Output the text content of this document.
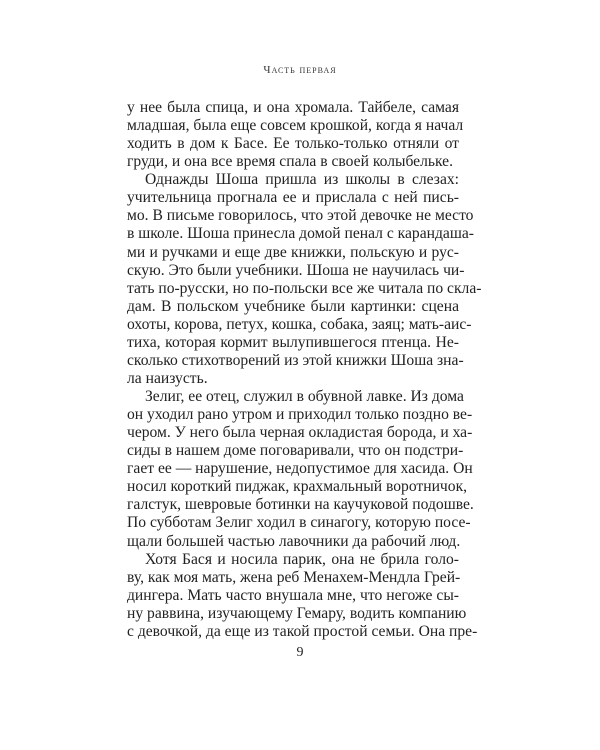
Часть первая
у нее была спица, и она хромала. Тайбеле, самая
младшая, была еще совсем крошкой, когда я начал
ходить в дом к Басе. Ее только-только отняли от
груди, и она все время спала в своей колыбельке.
Однажды Шоша пришла из школы в слезах:
учительница прогнала ее и прислала с ней пись-
мо. В письме говорилось, что этой девочке не место
в школе. Шоша принесла домой пенал с карандаша-
ми и ручками и еще две книжки, польскую и рус-
скую. Это были учебники. Шоша не научилась чи-
тать по-русски, но по-польски все же читала по скла-
дам. В польском учебнике были картинки: сцена
охоты, корова, петух, кошка, собака, заяц; мать-аис-
тиха, которая кормит вылупившегося птенца. Не-
сколько стихотворений из этой книжки Шоша зна-
ла наизусть.
Зелиг, ее отец, служил в обувной лавке. Из дома
он уходил рано утром и приходил только поздно ве-
чером. У него была черная окладистая борода, и ха-
сиды в нашем доме поговаривали, что он подстри-
гает ее — нарушение, недопустимое для хасида. Он
носил короткий пиджак, крахмальный воротничок,
галстук, шевровые ботинки на каучуковой подошве.
По субботам Зелиг ходил в синагогу, которую посе-
щали большей частью лавочники да рабочий люд.
Хотя Бася и носила парик, она не брила голо-
ву, как моя мать, жена реб Менахем-Мендла Грей-
дингера. Мать часто внушала мне, что негоже сы-
ну раввина, изучающему Гемару, водить компанию
с девочкой, да еще из такой простой семьи. Она пре-
9
